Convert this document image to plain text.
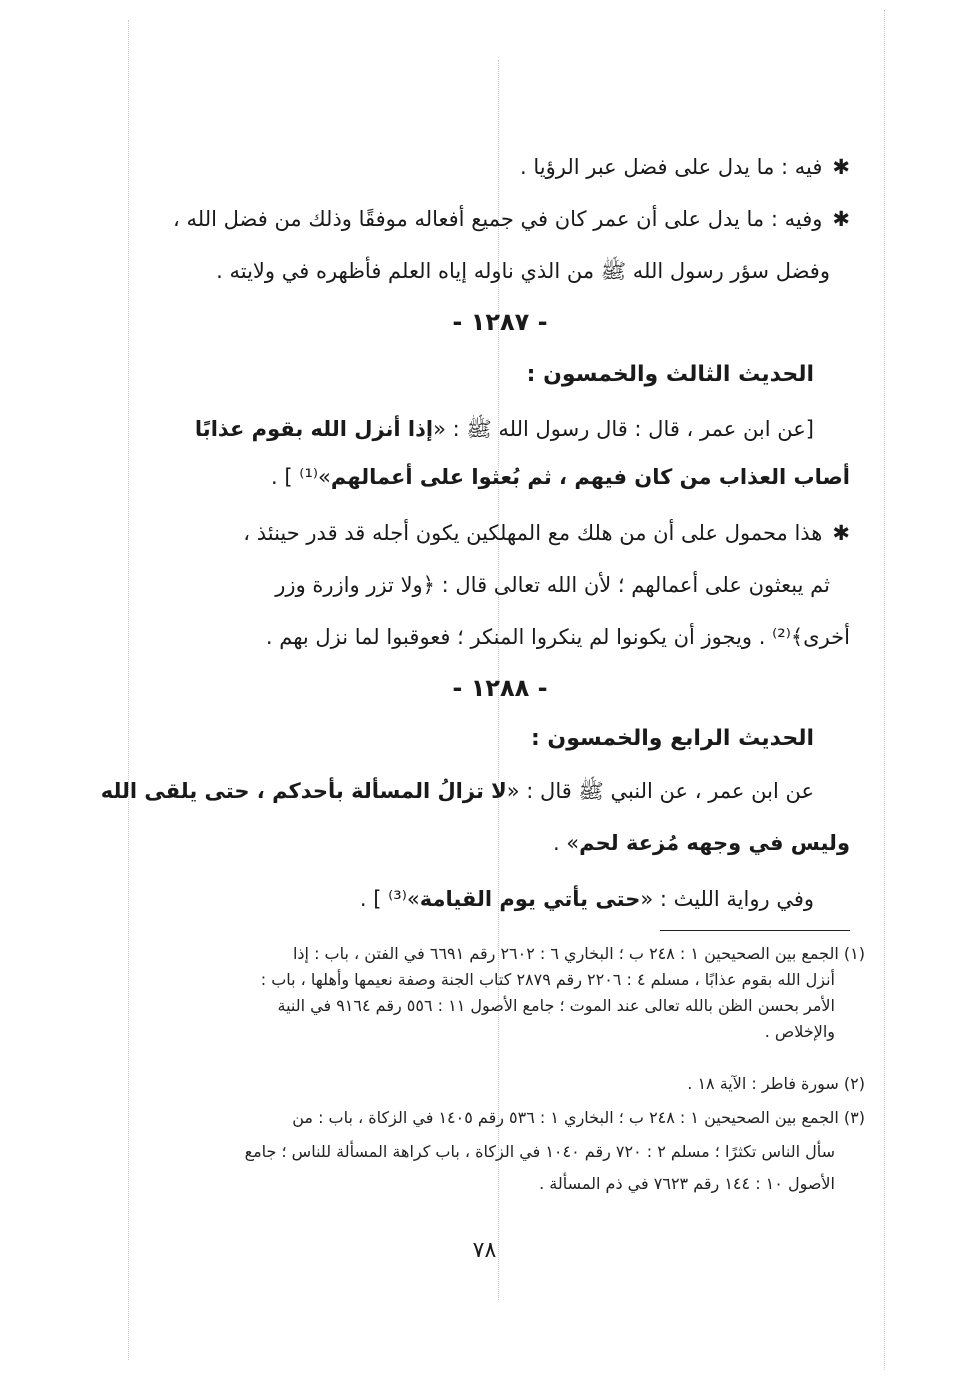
✱فيه : ما يدل على فضل عبر الرؤيا .
✱وفيه : ما يدل على أن عمر كان في جميع أفعاله موفقًا وذلك من فضل الله ،
وفضل سؤر رسول الله ﷺ من الذي ناوله إياه العلم فأظهره في ولايته .
- ١٢٨٧ -
الحديث الثالث والخمسون :
[عن ابن عمر ، قال : قال رسول الله ﷺ : «إذا أنزل الله بقوم عذابًا
أصاب العذاب من كان فيهم ، ثم بُعثوا على أعمالهم»⁽¹⁾ ] .
✱هذا محمول على أن من هلك مع المهلكين يكون أجله قد قدر حينئذ ،
ثم يبعثون على أعمالهم ؛ لأن الله تعالى قال : ﴿ولا تزر وازرة وزر
أخرى﴾⁽²⁾ . ويجوز أن يكونوا لم ينكروا المنكر ؛ فعوقبوا لما نزل بهم .
- ١٢٨٨ -
الحديث الرابع والخمسون :
عن ابن عمر ، عن النبي ﷺ قال : «لا تزالُ المسألة بأحدكم ، حتى يلقى الله
وليس في وجهه مُزعة لحم» .
وفي رواية الليث : «حتى يأتي يوم القيامة»⁽³⁾ ] .
(١) الجمع بين الصحيحين ١ : ٢٤٨ ب ؛ البخاري ٦ : ٢٦٠٢ رقم ٦٦٩١ في الفتن ، باب : إذا
أنزل الله بقوم عذابًا ، مسلم ٤ : ٢٢٠٦ رقم ٢٨٧٩ كتاب الجنة وصفة نعيمها وأهلها ، باب :
الأمر بحسن الظن بالله تعالى عند الموت ؛ جامع الأصول ١١ : ٥٥٦ رقم ٩١٦٤ في النية
والإخلاص .
(٢) سورة فاطر : الآية ١٨ .
(٣) الجمع بين الصحيحين ١ : ٢٤٨ ب ؛ البخاري ١ : ٥٣٦ رقم ١٤٠٥ في الزكاة ، باب : من
سأل الناس تكثرًا ؛ مسلم ٢ : ٧٢٠ رقم ١٠٤٠ في الزكاة ، باب كراهة المسألة للناس ؛ جامع
الأصول ١٠ : ١٤٤ رقم ٧٦٢٣ في ذم المسألة .
٧٨
